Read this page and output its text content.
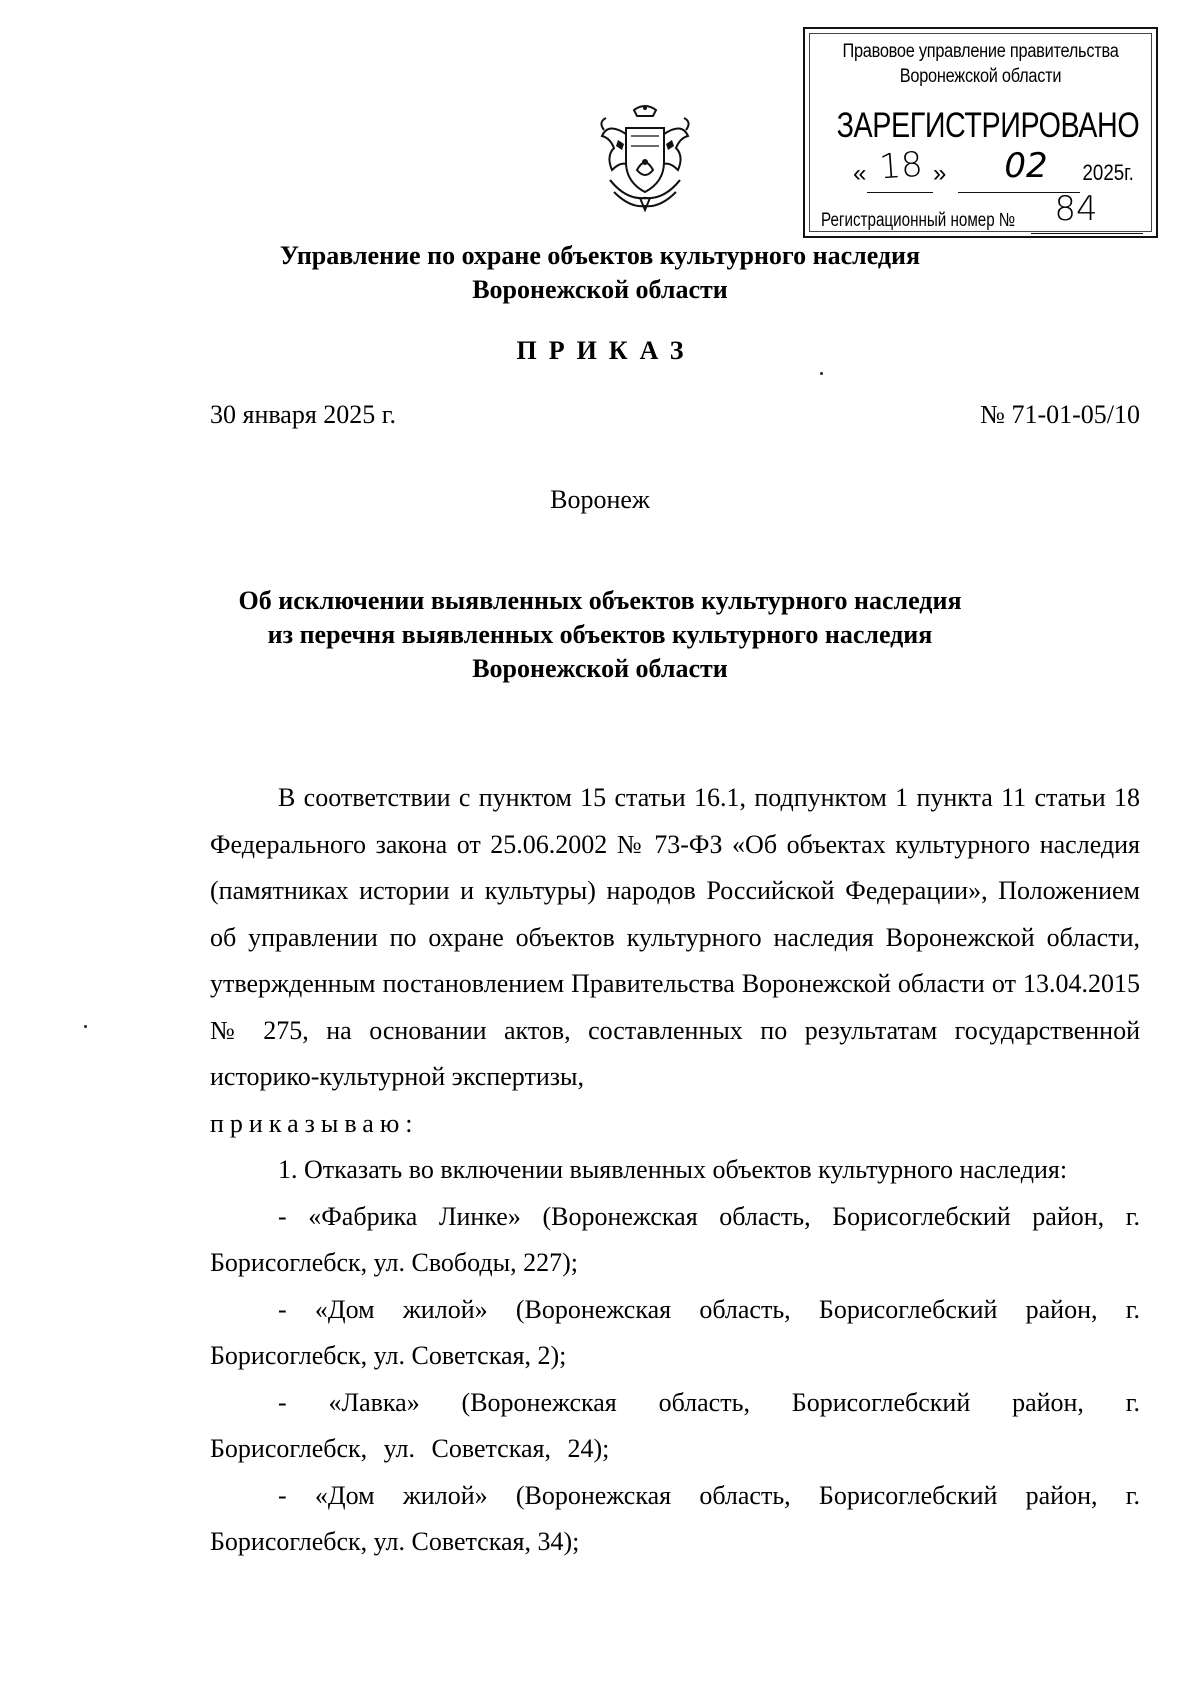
Правовое управление правительства
Воронежской области
ЗАРЕГИСТРИРОВАНО
« 18 »	02	2025г.
Регистрационный номер № 84
Управление по охране объектов культурного наследия
Воронежской области
ПРИКАЗ
30 января 2025 г.	№ 71-01-05/10
Воронеж
Об исключении выявленных объектов культурного наследия
из перечня выявленных объектов культурного наследия
Воронежской области

В соответствии с пунктом 15 статьи 16.1, подпунктом 1 пункта 11 статьи 18 Федерального закона от 25.06.2002 № 73-ФЗ «Об объектах культурного наследия (памятниках истории и культуры) народов Российской Федерации», Положением об управлении по охране объектов культурного наследия Воронежской области, утвержденным постановлением Правительства Воронежской области от 13.04.2015 № 275, на основании актов, составленных по результатам государственной историко-культурной экспертизы,

приказываю:

1. Отказать во включении выявленных объектов культурного наследия:

- «Фабрика Линке» (Воронежская область, Борисоглебский район, г. Борисоглебск, ул. Свободы, 227);

- «Дом жилой» (Воронежская область, Борисоглебский район, г. Борисоглебск, ул. Советская, 2);

- «Лавка» (Воронежская область, Борисоглебский район, г. Борисоглебск, ул. Советская, 24);

- «Дом жилой» (Воронежская область, Борисоглебский район, г. Борисоглебск, ул. Советская, 34);
